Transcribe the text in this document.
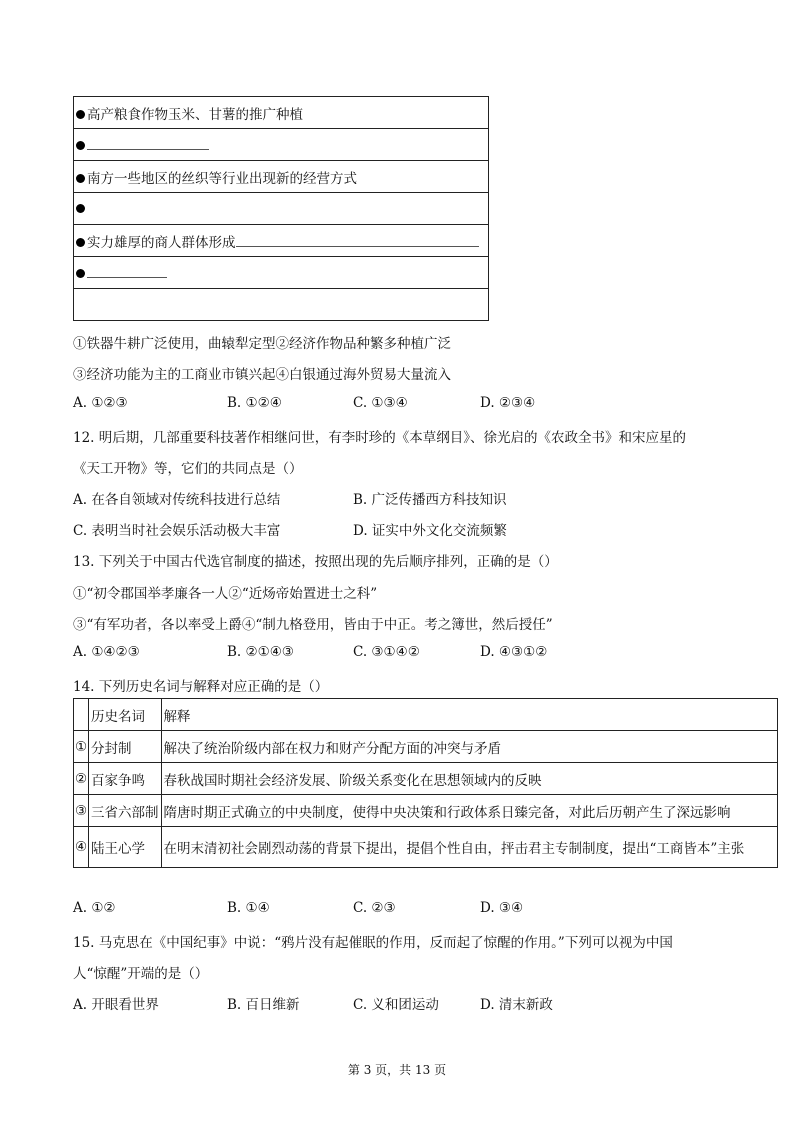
高产粮食作物玉米、甘薯的推广种植

南方一些地区的丝织等行业出现新的经营方式

实力雄厚的商人群体形成

①铁器牛耕广泛使用，曲辕犁定型②经济作物品种繁多种植广泛
③经济功能为主的工商业市镇兴起④白银通过海外贸易大量流入
A. ①②③	B. ①②④	C. ①③④	D. ②③④
12. 明后期，几部重要科技著作相继问世，有李时珍的《本草纲目》、徐光启的《农政全书》和宋应星的
《天工开物》等，它们的共同点是（）
A. 在各自领域对传统科技进行总结	B. 广泛传播西方科技知识
C. 表明当时社会娱乐活动极大丰富	D. 证实中外文化交流频繁
13. 下列关于中国古代选官制度的描述，按照出现的先后顺序排列，正确的是（）
①“初令郡国举孝廉各一人②“近炀帝始置进士之科”
③“有军功者，各以率受上爵④“制九格登用，皆由于中正。考之簿世，然后授任”
A. ①④②③	B. ②①④③	C. ③①④②	D. ④③①②
14. 下列历史名词与解释对应正确的是（）
	历史名词	解释
①	分封制	解决了统治阶级内部在权力和财产分配方面的冲突与矛盾
②	百家争鸣	春秋战国时期社会经济发展、阶级关系变化在思想领域内的反映
③	三省六部制	隋唐时期正式确立的中央制度，使得中央决策和行政体系日臻完备，对此后历朝产生了深远影响
④	陆王心学	在明末清初社会剧烈动荡的背景下提出，提倡个性自由，抨击君主专制制度，提出“工商皆本”主张
A. ①②	B. ①④	C. ②③	D. ③④
15. 马克思在《中国纪事》中说：“鸦片没有起催眠的作用，反而起了惊醒的作用。”下列可以视为中国
人“惊醒”开端的是（）
A. 开眼看世界	B. 百日维新	C. 义和团运动	D. 清末新政
第 3 页，共 13 页
